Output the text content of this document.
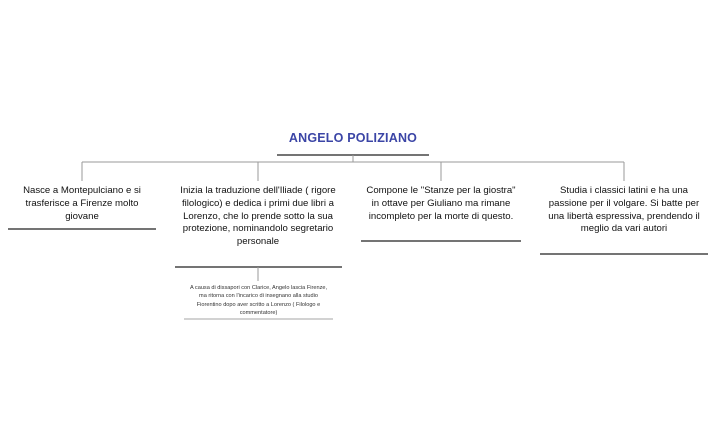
ANGELO POLIZIANO
Nasce a Montepulciano e si trasferisce a Firenze molto giovane
Inizia la traduzione dell'Iliade ( rigore filologico) e dedica i primi due libri a Lorenzo, che lo prende sotto la sua protezione, nominandolo segretario personale
A causa di dissapori con Clarice, Angelo lascia Firenze, ma ritorna con l'incarico di insegnano alla studio Fiorentino dopo aver scritto a Lorenzo ( Filologo e commentatore)
Compone le "Stanze per la giostra" in ottave per Giuliano ma rimane incompleto per la morte di questo.
Studia i classici latini e ha una passione per il volgare. Si batte per una libertà espressiva, prendendo il meglio da vari autori
